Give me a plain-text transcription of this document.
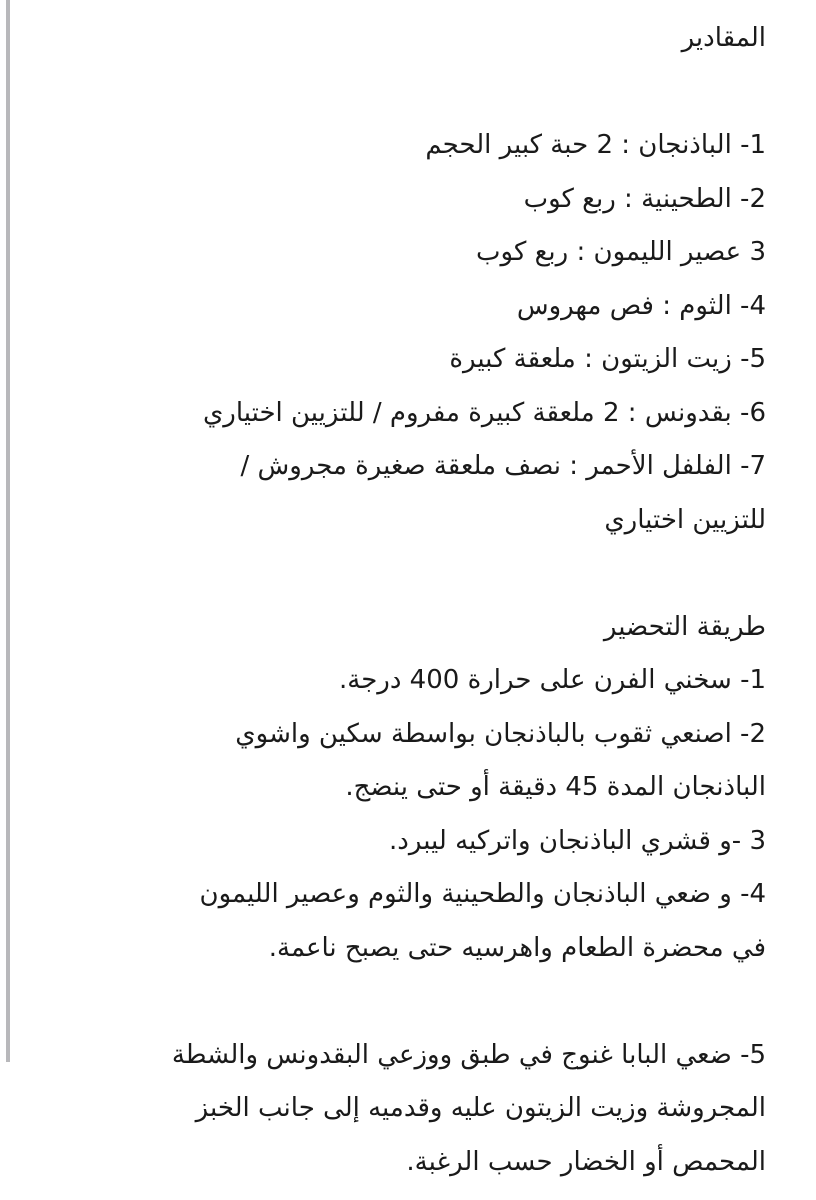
المقادير

1- الباذنجان : 2 حبة كبير الحجم

2- الطحينية : ربع كوب

3 عصير الليمون : ربع كوب

4- الثوم : فص مهروس

5- زيت الزيتون : ملعقة كبيرة

6- بقدونس : 2 ملعقة كبيرة مفروم / للتزيين اختياري

7- الفلفل الأحمر : نصف ملعقة صغيرة مجروش /

للتزيين اختياري

طريقة التحضير

1- سخني الفرن على حرارة 400 درجة.

2- اصنعي ثقوب بالباذنجان بواسطة سكين واشوي

الباذنجان المدة 45 دقيقة أو حتى ينضج.

3 -و قشري الباذنجان واتركيه ليبرد.

4- و ضعي الباذنجان والطحينية والثوم وعصير الليمون

في محضرة الطعام واهرسيه حتى يصبح ناعمة.

5- ضعي البابا غنوج في طبق ووزعي البقدونس والشطة

المجروشة وزيت الزيتون عليه وقدميه إلى جانب الخبز

المحمص أو الخضار حسب الرغبة.
